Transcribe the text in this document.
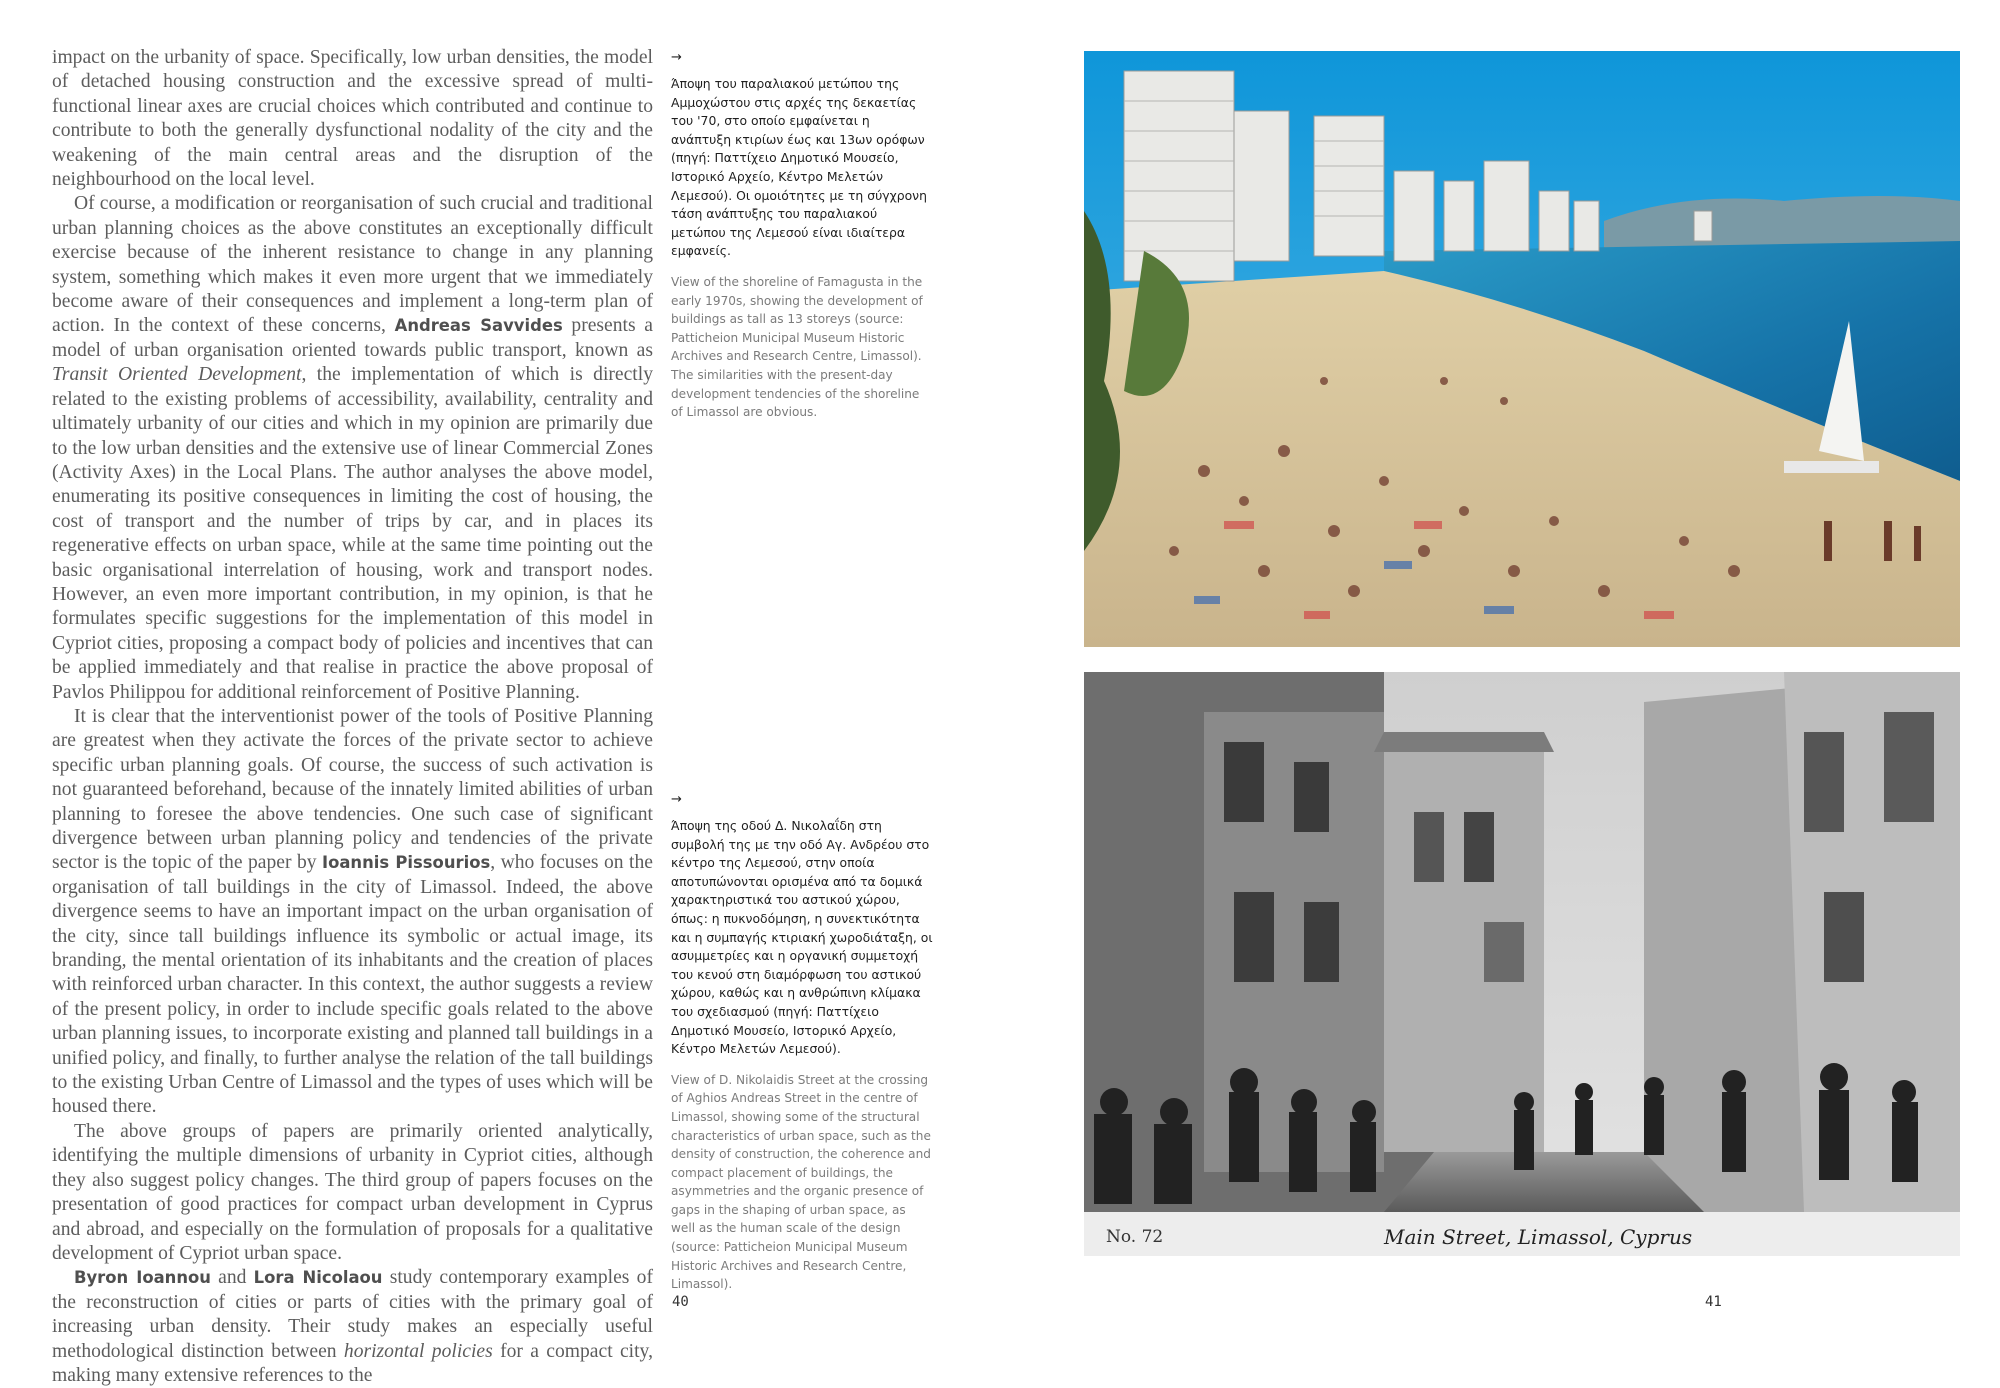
impact on the urbanity of space. Specifically, low urban densities, the model of detached housing construction and the excessive spread of multi-functional linear axes are crucial choices which contributed and continue to contribute to both the generally dysfunctional nodality of the city and the weakening of the main central areas and the disruption of the neighbourhood on the local level.

Of course, a modification or reorganisation of such crucial and traditional urban planning choices as the above constitutes an exceptionally difficult exercise because of the inherent resistance to change in any planning system, something which makes it even more urgent that we immediately become aware of their consequences and implement a long-term plan of action. In the context of these concerns, Andreas Savvides presents a model of urban organisation oriented towards public transport, known as Transit Oriented Development, the implementation of which is directly related to the existing problems of accessibility, availability, centrality and ultimately urbanity of our cities and which in my opinion are primarily due to the low urban densities and the extensive use of linear Commercial Zones (Activity Axes) in the Local Plans. The author analyses the above model, enumerating its positive consequences in limiting the cost of housing, the cost of transport and the number of trips by car, and in places its regenerative effects on urban space, while at the same time pointing out the basic organisational interrelation of housing, work and transport nodes. However, an even more important contribution, in my opinion, is that he formulates specific suggestions for the implementation of this model in Cypriot cities, proposing a compact body of policies and incentives that can be applied immediately and that realise in practice the above proposal of Pavlos Philippou for additional reinforcement of Positive Planning.

It is clear that the interventionist power of the tools of Positive Planning are greatest when they activate the forces of the private sector to achieve specific urban planning goals. Of course, the success of such activation is not guaranteed beforehand, because of the innately limited abilities of urban planning to foresee the above tendencies. One such case of significant divergence between urban planning policy and tendencies of the private sector is the topic of the paper by Ioannis Pissourios, who focuses on the organisation of tall buildings in the city of Limassol. Indeed, the above divergence seems to have an important impact on the urban organisation of the city, since tall buildings influence its symbolic or actual image, its branding, the mental orientation of its inhabitants and the creation of places with reinforced urban character. In this context, the author suggests a review of the present policy, in order to include specific goals related to the above urban planning issues, to incorporate existing and planned tall buildings in a unified policy, and finally, to further analyse the relation of the tall buildings to the existing Urban Centre of Limassol and the types of uses which will be housed there.

The above groups of papers are primarily oriented analytically, identifying the multiple dimensions of urbanity in Cypriot cities, although they also suggest policy changes. The third group of papers focuses on the presentation of good practices for compact urban development in Cyprus and abroad, and especially on the formulation of proposals for a qualitative development of Cypriot urban space.

Byron Ioannou and Lora Nicolaou study contemporary examples of the reconstruction of cities or parts of cities with the primary goal of increasing urban density. Their study makes an especially useful methodological distinction between horizontal policies for a compact city, making many extensive references to the

→

Άποψη του παραλιακού μετώπου της Αμμοχώστου στις αρχές της δεκαετίας του '70, στο οποίο εμφαίνεται η ανάπτυξη κτιρίων έως και 13ων ορόφων (πηγή: Παττίχειο Δημοτικό Μουσείο, Ιστορικό Αρχείο, Κέντρο Μελετών Λεμεσού). Οι ομοιότητες με τη σύγχρονη τάση ανάπτυξης του παραλιακού μετώπου της Λεμεσού είναι ιδιαίτερα εμφανείς.

View of the shoreline of Famagusta in the early 1970s, showing the development of buildings as tall as 13 storeys (source: Pattichеion Municipal Museum Historic Archives and Research Centre, Limassol). The similarities with the present-day development tendencies of the shoreline of Limassol are obvious.

→

Άποψη της οδού Δ. Νικολαΐδη στη συμβολή της με την οδό Αγ. Ανδρέου στο κέντρο της Λεμεσού, στην οποία αποτυπώνονται ορισμένα από τα δομικά χαρακτηριστικά του αστικού χώρου, όπως: η πυκνοδόμηση, η συνεκτικότητα και η συμπαγής κτιριακή χωροδιάταξη, οι ασυμμετρίες και η οργανική συμμετοχή του κενού στη διαμόρφωση του αστικού χώρου, καθώς και η ανθρώπινη κλίμακα του σχεδιασμού (πηγή: Παττίχειο Δημοτικό Μουσείο, Ιστορικό Αρχείο, Κέντρο Μελετών Λεμεσού).

View of D. Nikolaidis Street at the crossing of Aghios Andreas Street in the centre of Limassol, showing some of the structural characteristics of urban space, such as the density of construction, the coherence and compact placement of buildings, the asymmetries and the organic presence of gaps in the shaping of urban space, as well as the human scale of the design (source: Pattichеion Municipal Museum Historic Archives and Research Centre, Limassol).

40	41
No. 72	Main Street, Limassol, Cyprus
